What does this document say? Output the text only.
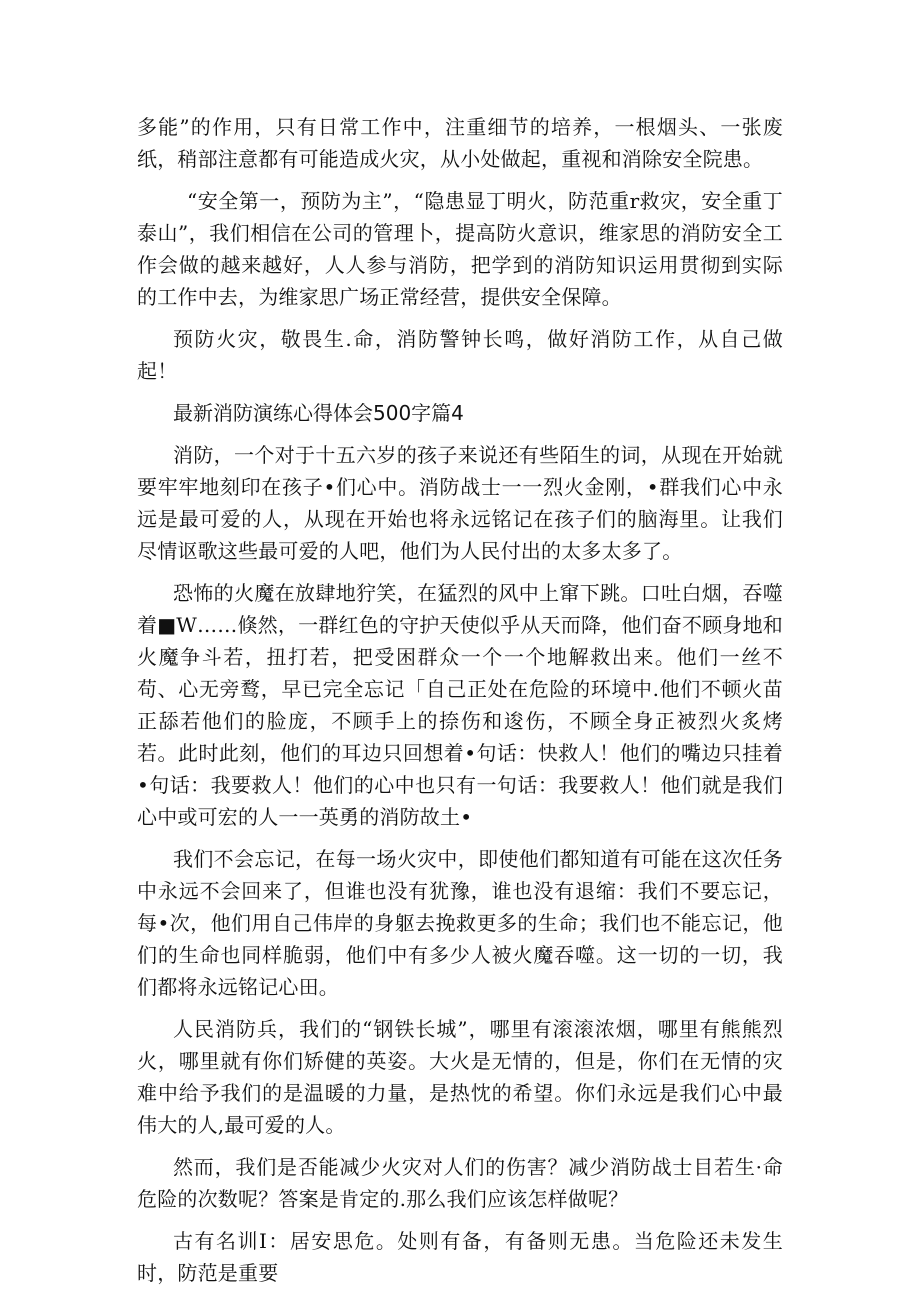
多能”的作用，只有日常工作中，注重细节的培养，一根烟头、一张废纸，稍部注意都有可能造成火灾，从小处做起，重视和消除安全院患。

“安全第一，预防为主”，“隐患显丁明火，防范重r救灾，安全重丁泰山”，我们相信在公司的管理卜，提高防火意识，维家思的消防安全工作会做的越来越好，人人参与消防，把学到的消防知识运用贯彻到实际的工作中去，为维家思广场正常经营，提供安全保障。

预防火灾，敬畏生.命，消防警钟长鸣，做好消防工作，从自己做起！

最新消防演练心得体会500字篇4

消防，一个对于十五六岁的孩子来说还有些陌生的词，从现在开始就要牢牢地刻印在孩子•们心中。消防战士一一烈火金刚，•群我们心中永远是最可爱的人，从现在开始也将永远铭记在孩子们的脑海里。让我们尽情讴歌这些最可爱的人吧，他们为人民付出的太多太多了。

恐怖的火魔在放肆地狞笑，在猛烈的风中上窜下跳。口吐白烟，吞噬着■W……倏然，一群红色的守护天使似乎从天而降，他们奋不顾身地和火魔争斗若，扭打若，把受困群众一个一个地解救出来。他们一丝不苟、心无旁鹜，早已完全忘记「自己正处在危险的环境中.他们不顿火苗正舔若他们的脸庞，不顾手上的捺伤和逡伤，不顾全身正被烈火炙烤若。此时此刻，他们的耳边只回想着•句话：快救人！他们的嘴边只挂着•句话：我要救人！他们的心中也只有一句话：我要救人！他们就是我们心中或可宏的人一一英勇的消防故土•

我们不会忘记，在每一场火灾中，即使他们都知道有可能在这次任务中永远不会回来了，但谁也没有犹豫，谁也没有退缩：我们不要忘记，每•次，他们用自己伟岸的身躯去挽救更多的生命；我们也不能忘记，他们的生命也同样脆弱，他们中有多少人被火魔吞噬。这一切的一切，我们都将永远铭记心田。

人民消防兵，我们的“钢铁长城”，哪里有滚滚浓烟，哪里有熊熊烈火，哪里就有你们矫健的英姿。大火是无情的，但是，你们在无情的灾难中给予我们的是温暖的力量，是热忱的希望。你们永远是我们心中最伟大的人,最可爱的人。

然而，我们是否能减少火灾对人们的伤害？减少消防战士目若生·命危险的次数呢？答案是肯定的.那么我们应该怎样做呢？

古有名训I：居安思危。处则有备，有备则无患。当危险还未发生时，防范是重要
